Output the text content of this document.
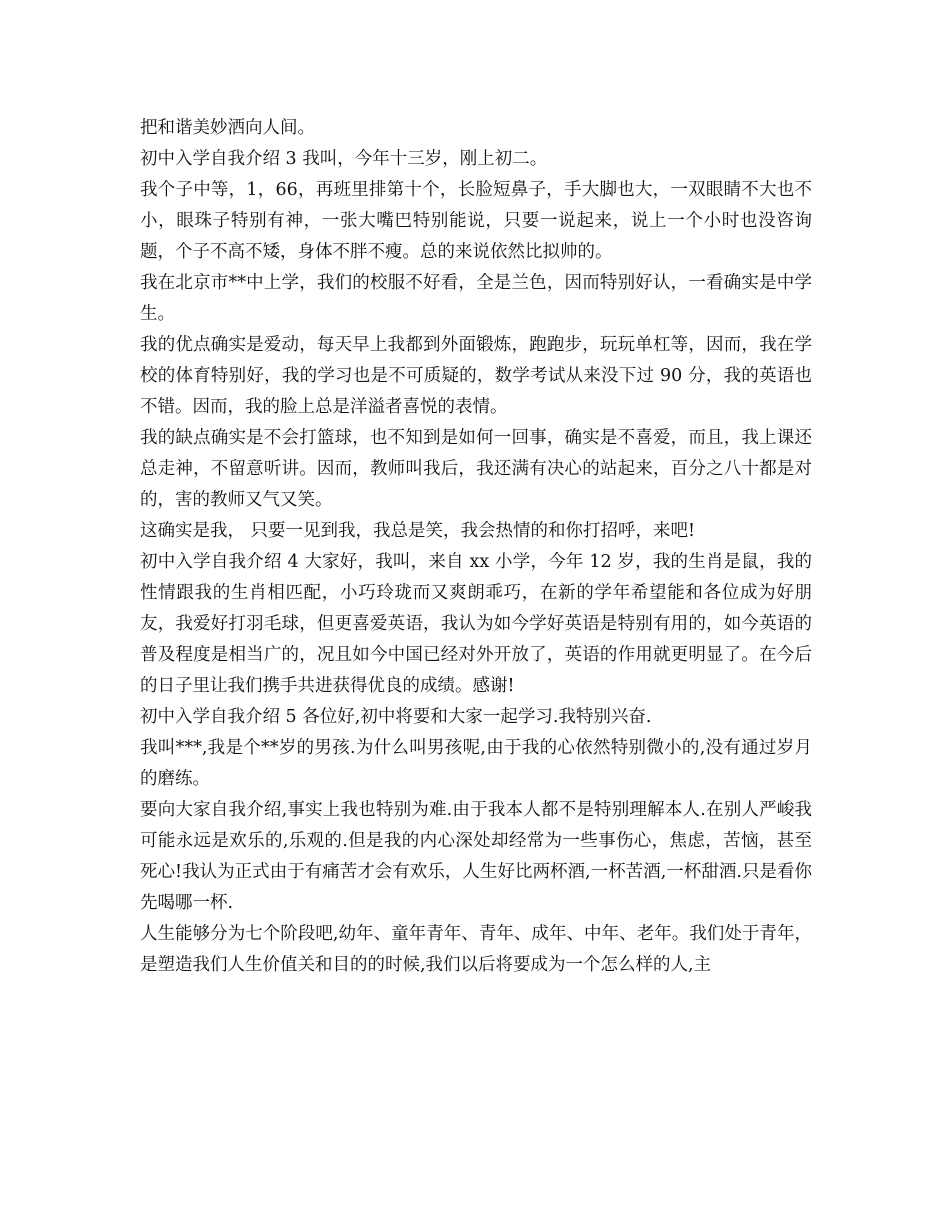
把和谐美妙洒向人间。

初中入学自我介绍 3 我叫，今年十三岁，刚上初二。

我个子中等，1，66，再班里排第十个，长脸短鼻子，手大脚也大，一双眼睛不大也不小，眼珠子特别有神，一张大嘴巴特别能说，只要一说起来，说上一个小时也没咨询题，个子不高不矮，身体不胖不瘦。总的来说依然比拟帅的。

我在北京市**中上学，我们的校服不好看，全是兰色，因而特别好认，一看确实是中学生。

我的优点确实是爱动，每天早上我都到外面锻炼，跑跑步，玩玩单杠等，因而，我在学校的体育特别好，我的学习也是不可质疑的，数学考试从来没下过 90 分，我的英语也不错。因而，我的脸上总是洋溢者喜悦的表情。

我的缺点确实是不会打篮球，也不知到是如何一回事，确实是不喜爱，而且，我上课还总走神，不留意听讲。因而，教师叫我后，我还满有决心的站起来，百分之八十都是对的，害的教师又气又笑。

这确实是我， 只要一见到我，我总是笑，我会热情的和你打招呼，来吧!

初中入学自我介绍 4 大家好，我叫，来自 xx 小学，今年 12 岁，我的生肖是鼠，我的性情跟我的生肖相匹配，小巧玲珑而又爽朗乖巧，在新的学年希望能和各位成为好朋友，我爱好打羽毛球，但更喜爱英语，我认为如今学好英语是特别有用的，如今英语的普及程度是相当广的，况且如今中国已经对外开放了，英语的作用就更明显了。在今后的日子里让我们携手共进获得优良的成绩。感谢!

初中入学自我介绍 5 各位好,初中将要和大家一起学习.我特别兴奋.

我叫***,我是个**岁的男孩.为什么叫男孩呢,由于我的心依然特别微小的,没有通过岁月的磨练。

要向大家自我介绍,事实上我也特别为难.由于我本人都不是特别理解本人.在别人严峻我可能永远是欢乐的,乐观的.但是我的内心深处却经常为一些事伤心，焦虑，苦恼，甚至死心!我认为正式由于有痛苦才会有欢乐，人生好比两杯酒,一杯苦酒,一杯甜酒.只是看你先喝哪一杯.

人生能够分为七个阶段吧,幼年、童年青年、青年、成年、中年、老年。我们处于青年，是塑造我们人生价值关和目的的时候,我们以后将要成为一个怎么样的人,主
